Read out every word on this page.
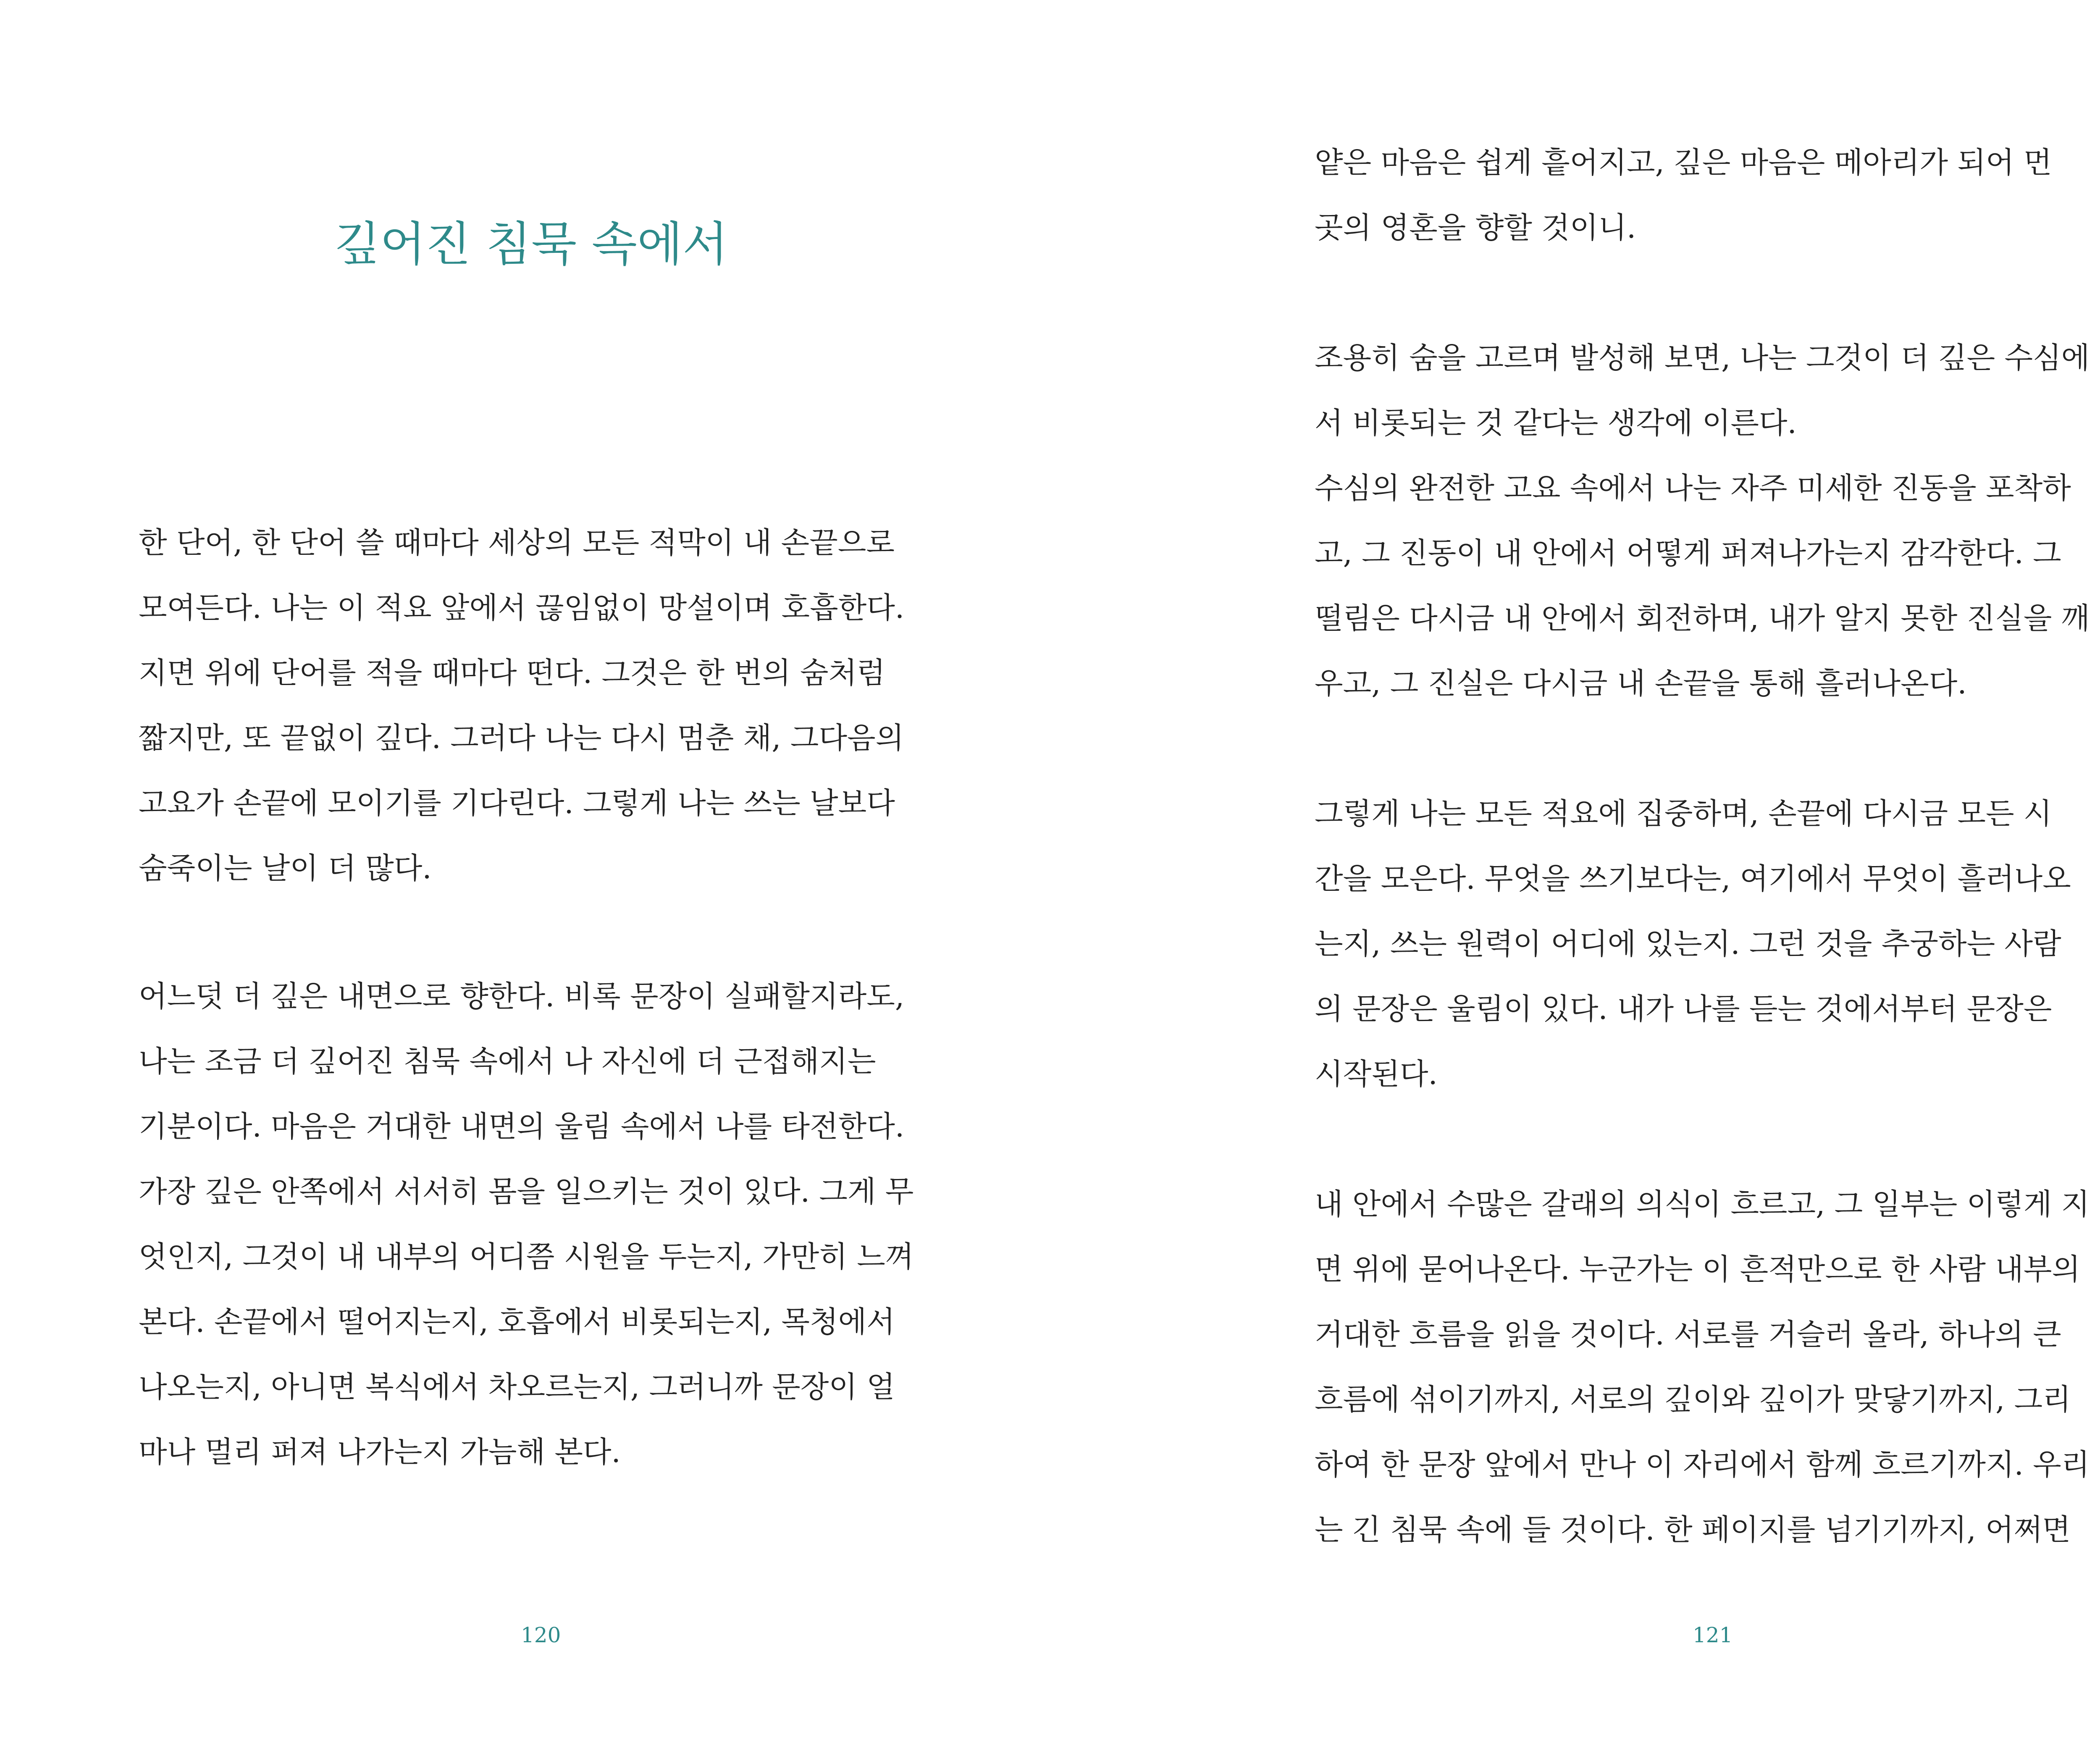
깊어진 침묵 속에서
한 단어, 한 단어 쓸 때마다 세상의 모든 적막이 내 손끝으로
모여든다. 나는 이 적요 앞에서 끊임없이 망설이며 호흡한다.
지면 위에 단어를 적을 때마다 떤다. 그것은 한 번의 숨처럼
짧지만, 또 끝없이 깊다. 그러다 나는 다시 멈춘 채, 그다음의
고요가 손끝에 모이기를 기다린다. 그렇게 나는 쓰는 날보다
숨죽이는 날이 더 많다.
어느덧 더 깊은 내면으로 향한다. 비록 문장이 실패할지라도,
나는 조금 더 깊어진 침묵 속에서 나 자신에 더 근접해지는
기분이다. 마음은 거대한 내면의 울림 속에서 나를 타전한다.
가장 깊은 안쪽에서 서서히 몸을 일으키는 것이 있다. 그게 무
엇인지, 그것이 내 내부의 어디쯤 시원을 두는지, 가만히 느껴
본다. 손끝에서 떨어지는지, 호흡에서 비롯되는지, 목청에서
나오는지, 아니면 복식에서 차오르는지, 그러니까 문장이 얼
마나 멀리 퍼져 나가는지 가늠해 본다.

120

얕은 마음은 쉽게 흩어지고, 깊은 마음은 메아리가 되어 먼
곳의 영혼을 향할 것이니.
조용히 숨을 고르며 발성해 보면, 나는 그것이 더 깊은 수심에
서 비롯되는 것 같다는 생각에 이른다.
수심의 완전한 고요 속에서 나는 자주 미세한 진동을 포착하
고, 그 진동이 내 안에서 어떻게 퍼져나가는지 감각한다. 그
떨림은 다시금 내 안에서 회전하며, 내가 알지 못한 진실을 깨
우고, 그 진실은 다시금 내 손끝을 통해 흘러나온다.
그렇게 나는 모든 적요에 집중하며, 손끝에 다시금 모든 시
간을 모은다. 무엇을 쓰기보다는, 여기에서 무엇이 흘러나오
는지, 쓰는 원력이 어디에 있는지. 그런 것을 추궁하는 사람
의 문장은 울림이 있다. 내가 나를 듣는 것에서부터 문장은
시작된다.
내 안에서 수많은 갈래의 의식이 흐르고, 그 일부는 이렇게 지
면 위에 묻어나온다. 누군가는 이 흔적만으로 한 사람 내부의
거대한 흐름을 읽을 것이다. 서로를 거슬러 올라, 하나의 큰
흐름에 섞이기까지, 서로의 깊이와 깊이가 맞닿기까지, 그리
하여 한 문장 앞에서 만나 이 자리에서 함께 흐르기까지. 우리
는 긴 침묵 속에 들 것이다. 한 페이지를 넘기기까지, 어쩌면

121
